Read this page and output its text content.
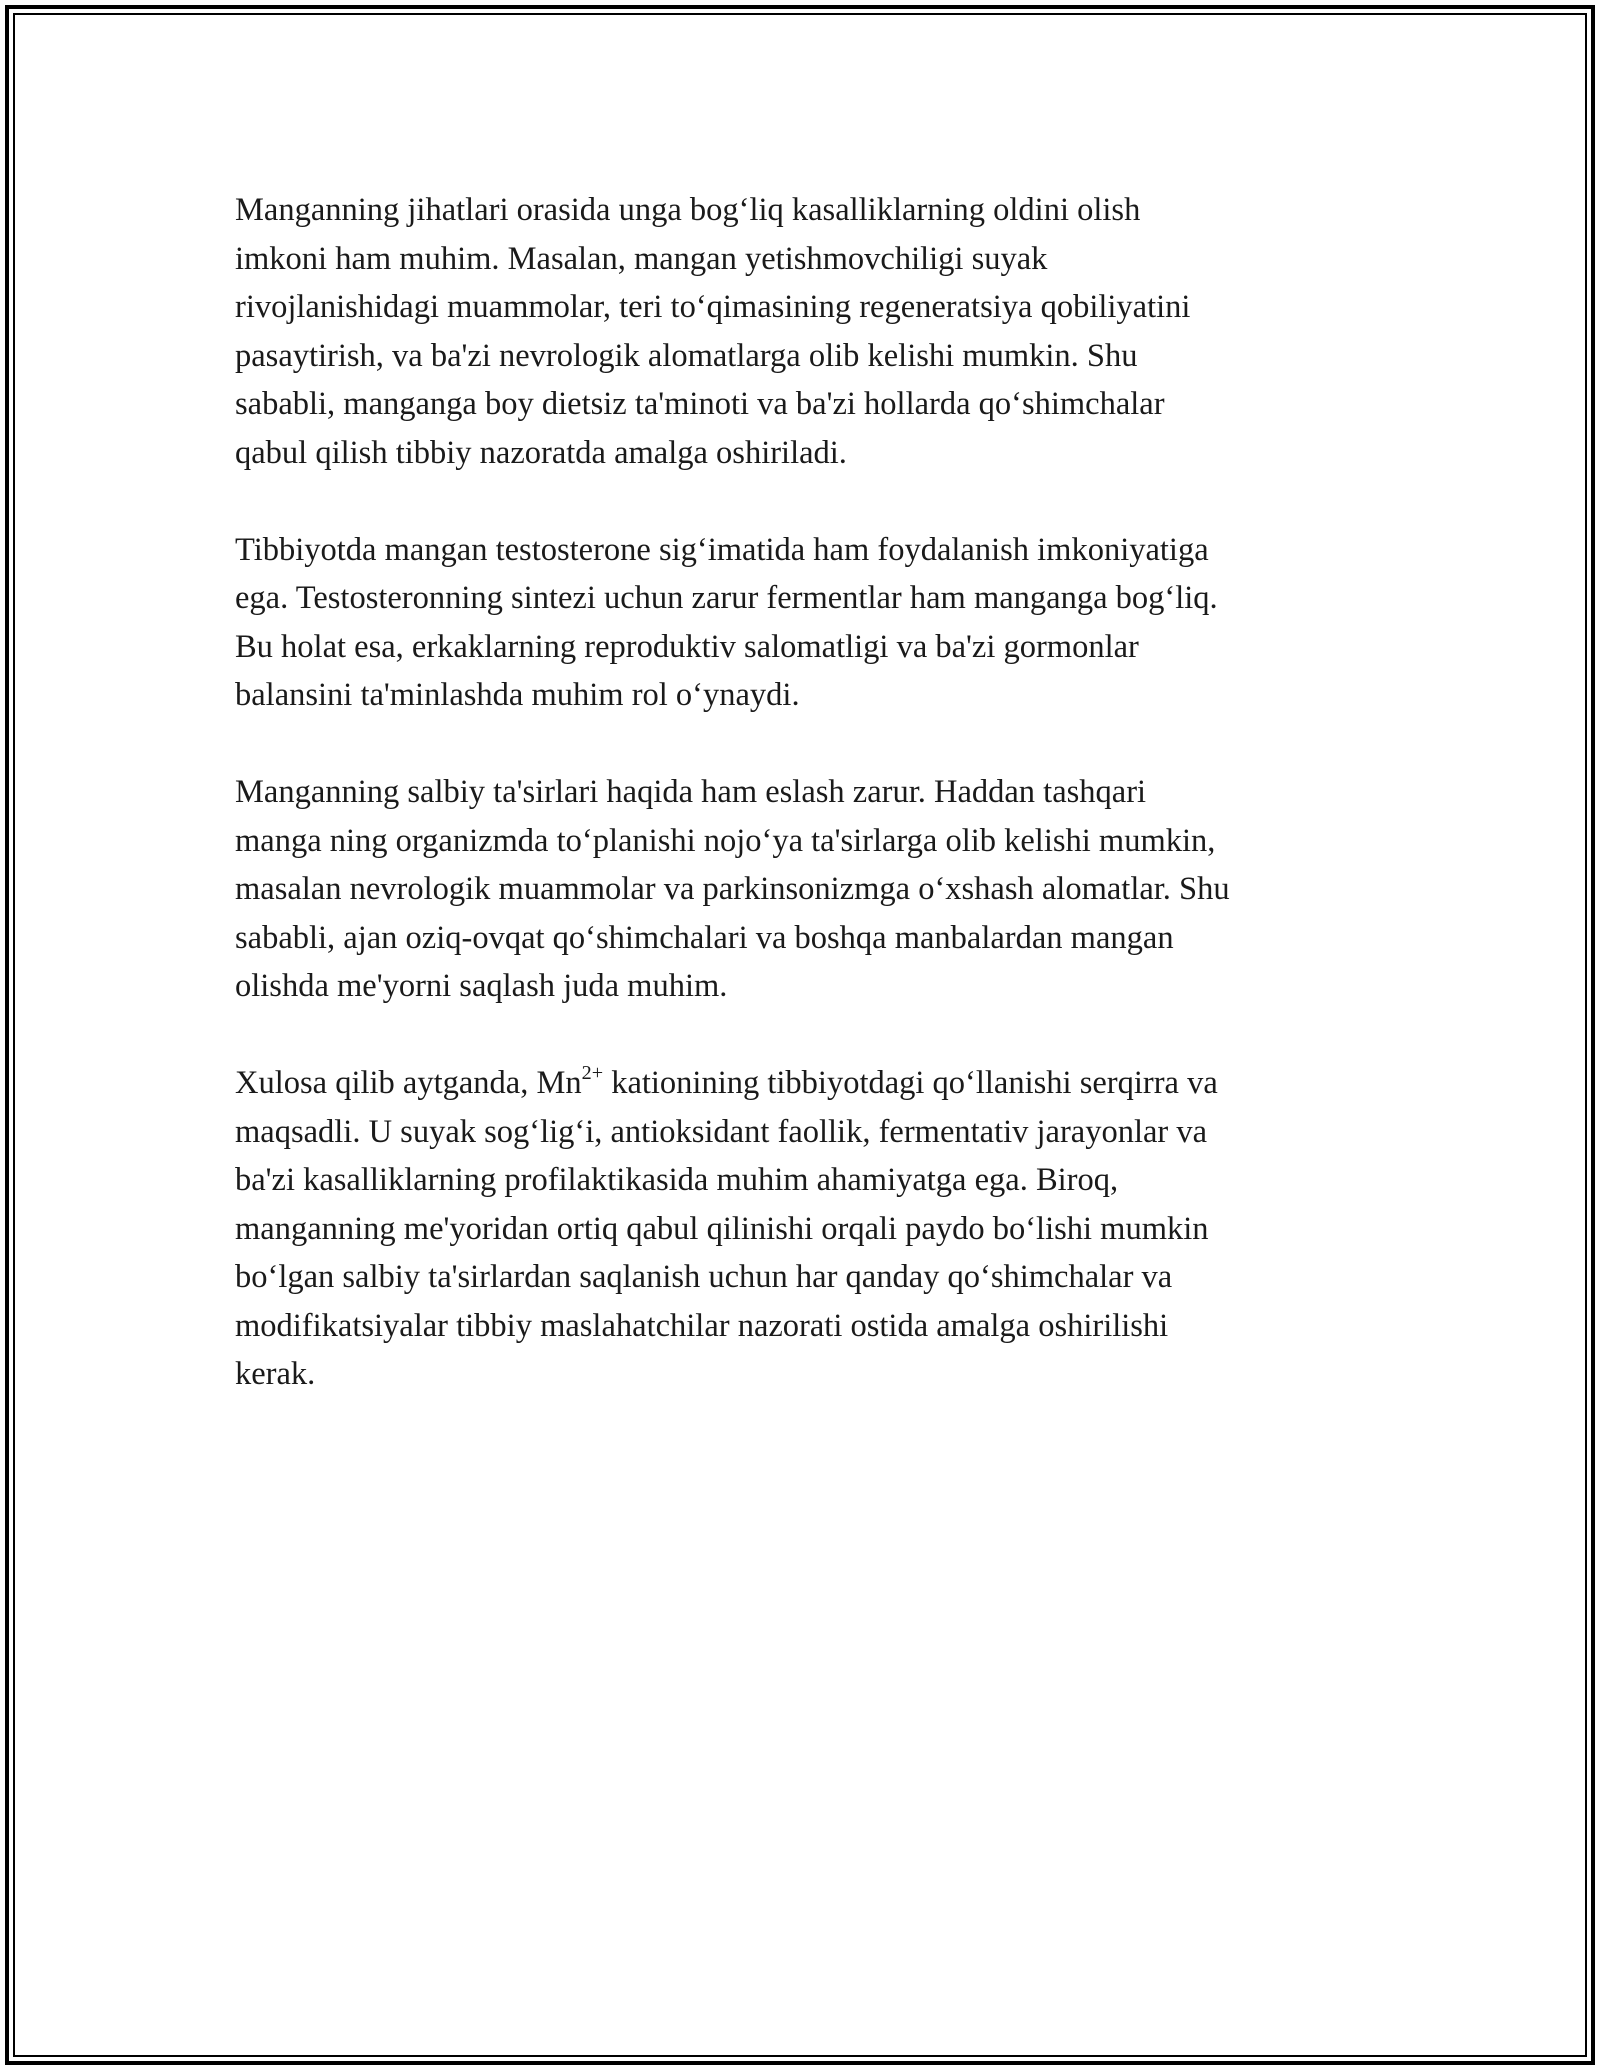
Manganning jihatlari orasida unga bog‘liq kasalliklarning oldini olish
imkoni ham muhim. Masalan, mangan yetishmovchiligi suyak
rivojlanishidagi muammolar, teri to‘qimasining regeneratsiya qobiliyatini
pasaytirish, va ba'zi nevrologik alomatlarga olib kelishi mumkin. Shu
sababli, manganga boy dietsiz ta'minoti va ba'zi hollarda qo‘shimchalar
qabul qilish tibbiy nazoratda amalga oshiriladi.

Tibbiyotda mangan testosterone sig‘imatida ham foydalanish imkoniyatiga
ega. Testosteronning sintezi uchun zarur fermentlar ham manganga bog‘liq.
Bu holat esa, erkaklarning reproduktiv salomatligi va ba'zi gormonlar
balansini ta'minlashda muhim rol o‘ynaydi.

Manganning salbiy ta'sirlari haqida ham eslash zarur. Haddan tashqari
manga ning organizmda to‘planishi nojo‘ya ta'sirlarga olib kelishi mumkin,
masalan nevrologik muammolar va parkinsonizmga o‘xshash alomatlar. Shu
sababli, ajan oziq-ovqat qo‘shimchalari va boshqa manbalardan mangan
olishda me'yorni saqlash juda muhim.

Xulosa qilib aytganda, $Mn^{2+}$ kationining tibbiyotdagi qo‘llanishi serqirra va
maqsadli. U suyak sog‘lig‘i, antioksidant faollik, fermentativ jarayonlar va
ba'zi kasalliklarning profilaktikasida muhim ahamiyatga ega. Biroq,
manganning me'yoridan ortiq qabul qilinishi orqali paydo bo‘lishi mumkin
bo‘lgan salbiy ta'sirlardan saqlanish uchun har qanday qo‘shimchalar va
modifikatsiyalar tibbiy maslahatchilar nazorati ostida amalga oshirilishi
kerak.
